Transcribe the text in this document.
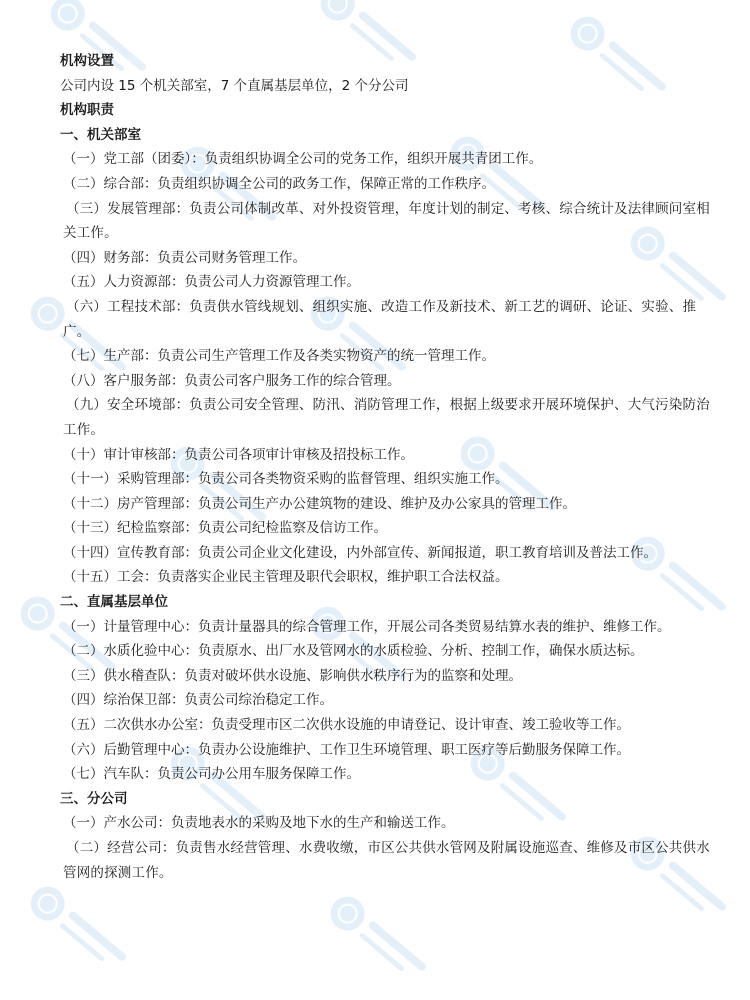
机构设置
公司内设 15 个机关部室，7 个直属基层单位，2 个分公司
机构职责
一、机关部室
（一）党工部（团委）：负责组织协调全公司的党务工作，组织开展共青团工作。
（二）综合部：负责组织协调全公司的政务工作，保障正常的工作秩序。
（三）发展管理部：负责公司体制改革、对外投资管理，年度计划的制定、考核、综合统计及法律顾问室相关工作。
（四）财务部：负责公司财务管理工作。
（五）人力资源部：负责公司人力资源管理工作。
（六）工程技术部：负责供水管线规划、组织实施、改造工作及新技术、新工艺的调研、论证、实验、推广。
（七）生产部：负责公司生产管理工作及各类实物资产的统一管理工作。
（八）客户服务部：负责公司客户服务工作的综合管理。
（九）安全环境部：负责公司安全管理、防汛、消防管理工作，根据上级要求开展环境保护、大气污染防治工作。
（十）审计审核部：负责公司各项审计审核及招投标工作。
（十一）采购管理部：负责公司各类物资采购的监督管理、组织实施工作。
（十二）房产管理部：负责公司生产办公建筑物的建设、维护及办公家具的管理工作。
（十三）纪检监察部：负责公司纪检监察及信访工作。
（十四）宣传教育部：负责公司企业文化建设，内外部宣传、新闻报道，职工教育培训及普法工作。
（十五）工会：负责落实企业民主管理及职代会职权，维护职工合法权益。
二、直属基层单位
（一）计量管理中心：负责计量器具的综合管理工作，开展公司各类贸易结算水表的维护、维修工作。
（二）水质化验中心：负责原水、出厂水及管网水的水质检验、分析、控制工作，确保水质达标。
（三）供水稽查队：负责对破坏供水设施、影响供水秩序行为的监察和处理。
（四）综治保卫部：负责公司综治稳定工作。
（五）二次供水办公室：负责受理市区二次供水设施的申请登记、设计审查、竣工验收等工作。
（六）后勤管理中心：负责办公设施维护、工作卫生环境管理、职工医疗等后勤服务保障工作。
（七）汽车队：负责公司办公用车服务保障工作。
三、分公司
（一）产水公司：负责地表水的采购及地下水的生产和输送工作。
（二）经营公司：负责售水经营管理、水费收缴，市区公共供水管网及附属设施巡查、维修及市区公共供水管网的探测工作。
